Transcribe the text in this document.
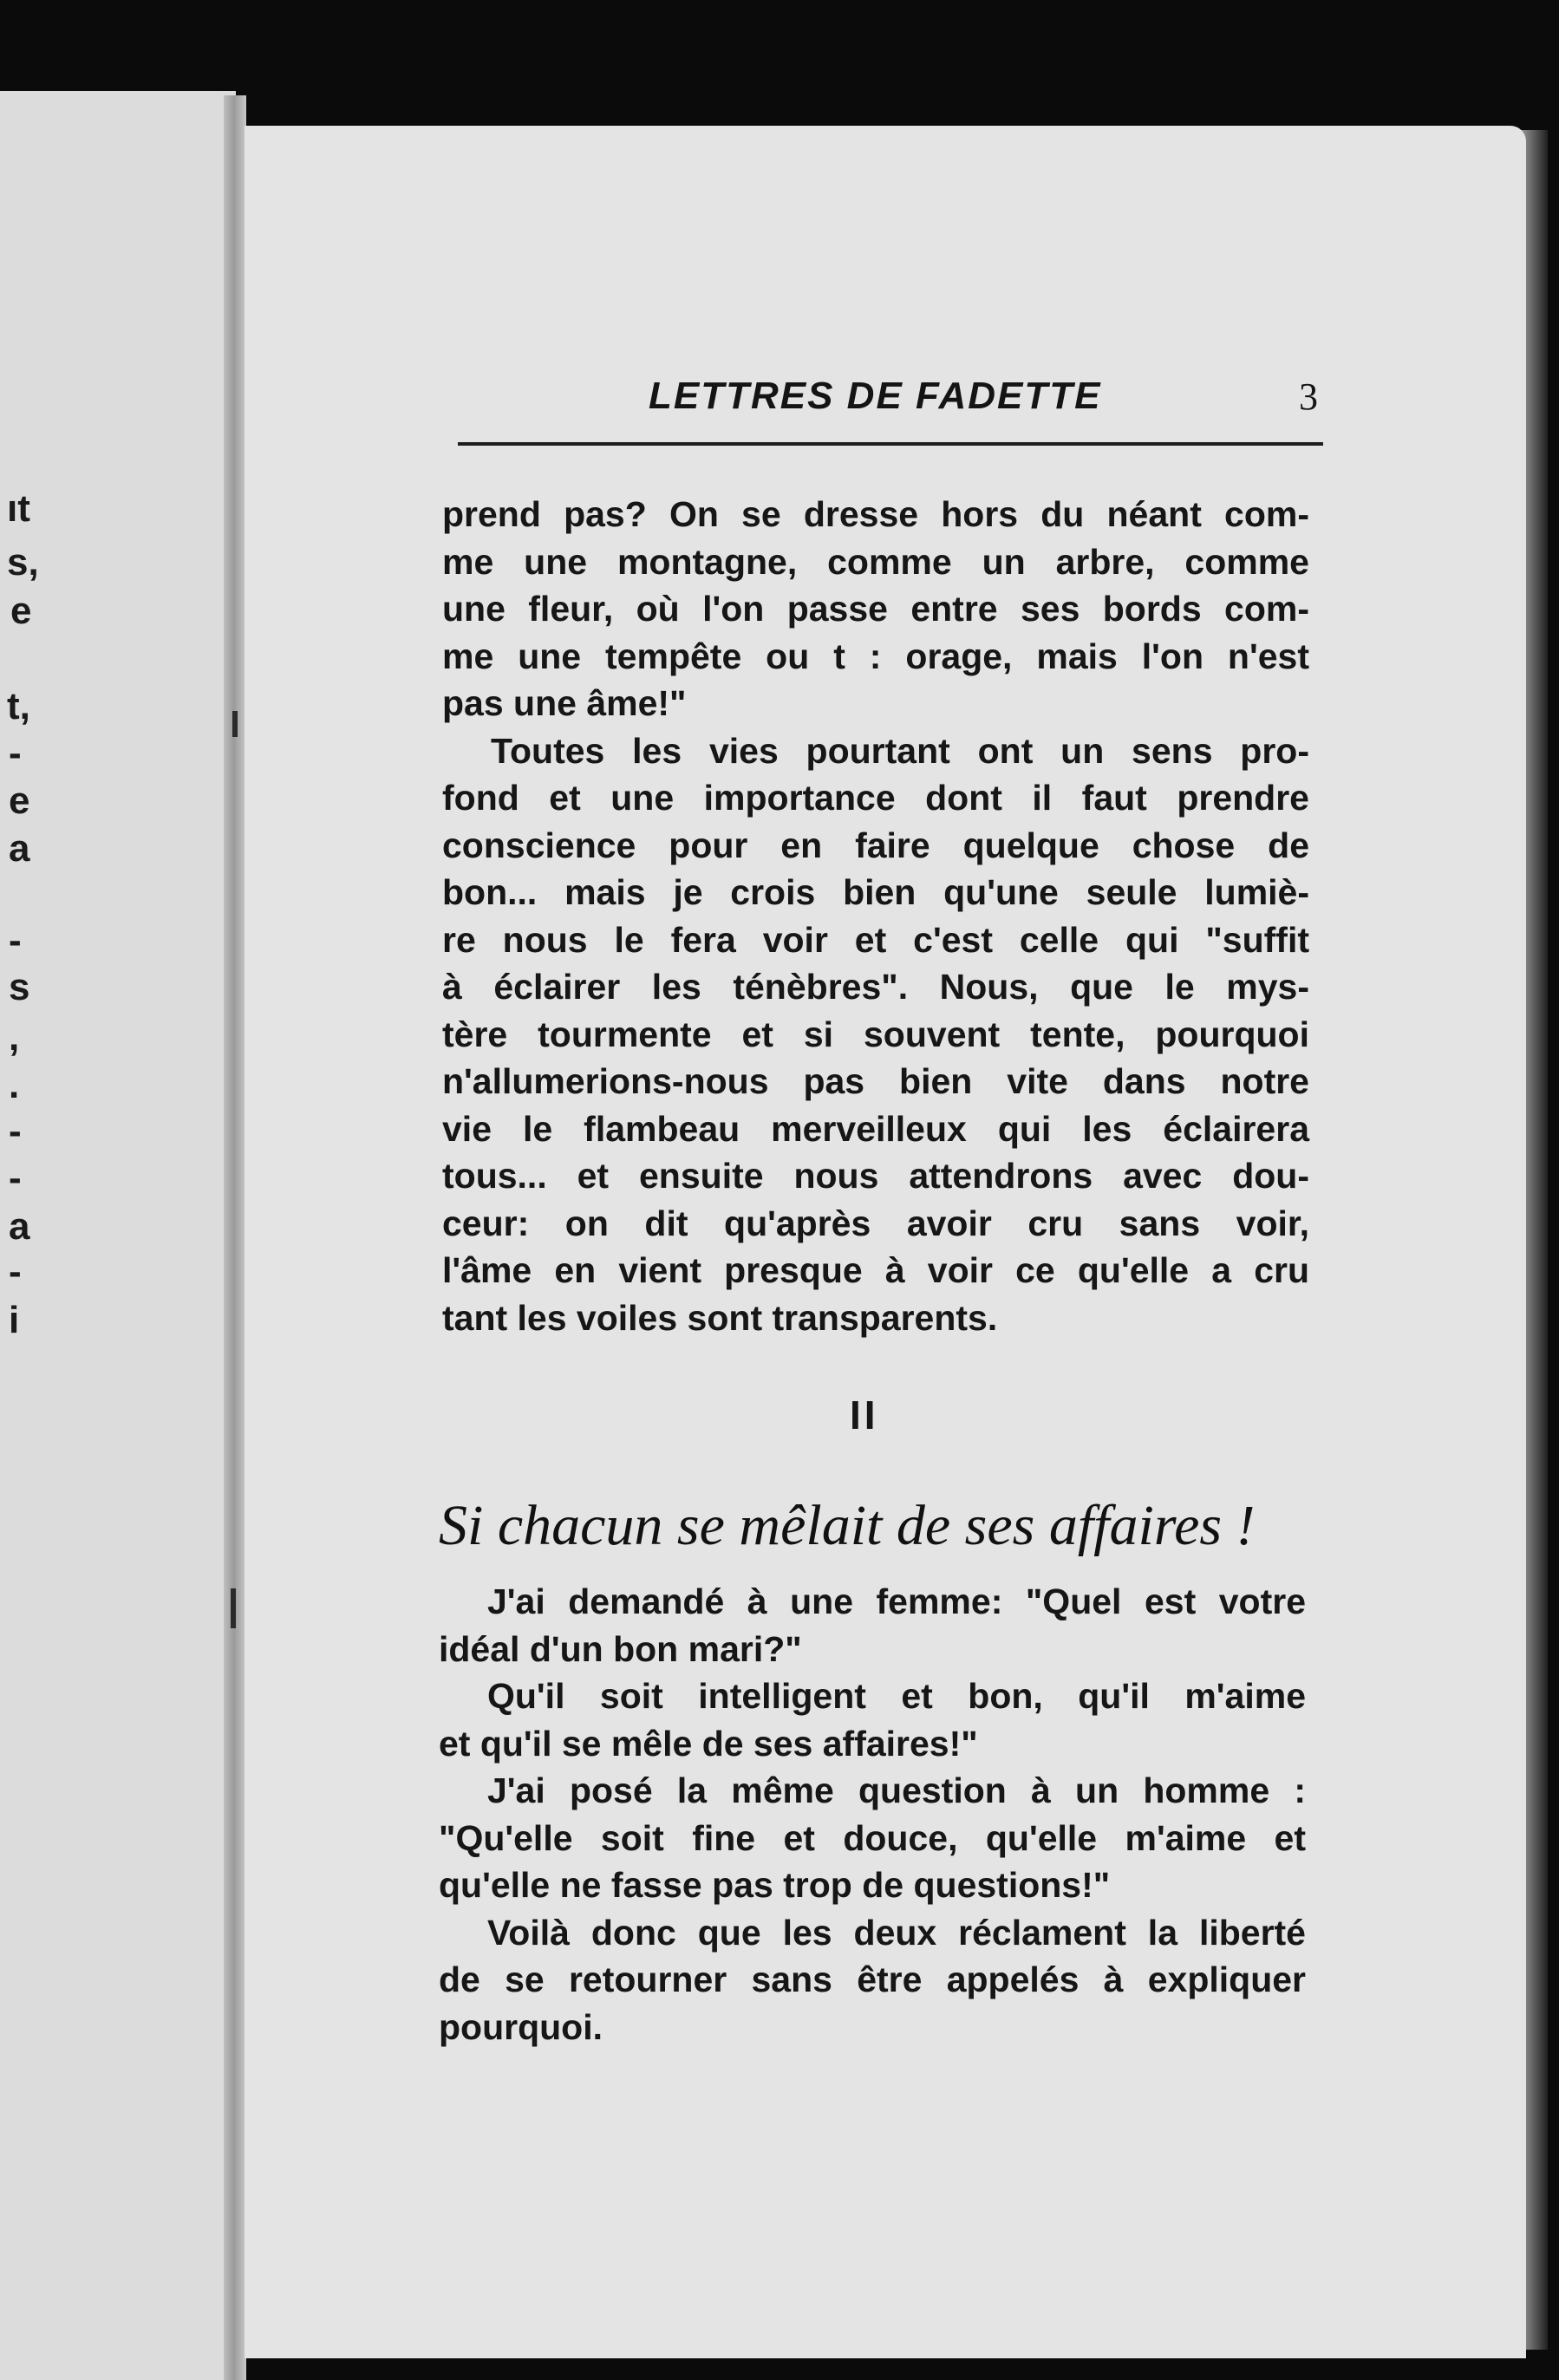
ıt
s,
e
t,
-
e
a
-
s
,
.
-
-
a
-
i
LETTRES DE FADETTE	3
prend pas? On se dresse hors du néant com-
me une montagne, comme un arbre, comme
une fleur, où l'on passe entre ses bords com-
me une tempête ou t : orage, mais l'on n'est
pas une âme!"
Toutes les vies pourtant ont un sens pro-
fond et une importance dont il faut prendre
conscience pour en faire quelque chose de
bon... mais je crois bien qu'une seule lumiè-
re nous le fera voir et c'est celle qui "suffit
à éclairer les ténèbres". Nous, que le mys-
tère tourmente et si souvent tente, pourquoi
n'allumerions-nous pas bien vite dans notre
vie le flambeau merveilleux qui les éclairera
tous... et ensuite nous attendrons avec dou-
ceur: on dit qu'après avoir cru sans voir,
l'âme en vient presque à voir ce qu'elle a cru
tant les voiles sont transparents.
II
Si chacun se mêlait de ses affaires !
J'ai demandé à une femme: "Quel est votre
idéal d'un bon mari?"
Qu'il soit intelligent et bon, qu'il m'aime
et qu'il se mêle de ses affaires!"
J'ai posé la même question à un homme :
"Qu'elle soit fine et douce, qu'elle m'aime et
qu'elle ne fasse pas trop de questions!"
Voilà donc que les deux réclament la liberté
de se retourner sans être appelés à expliquer
pourquoi.
